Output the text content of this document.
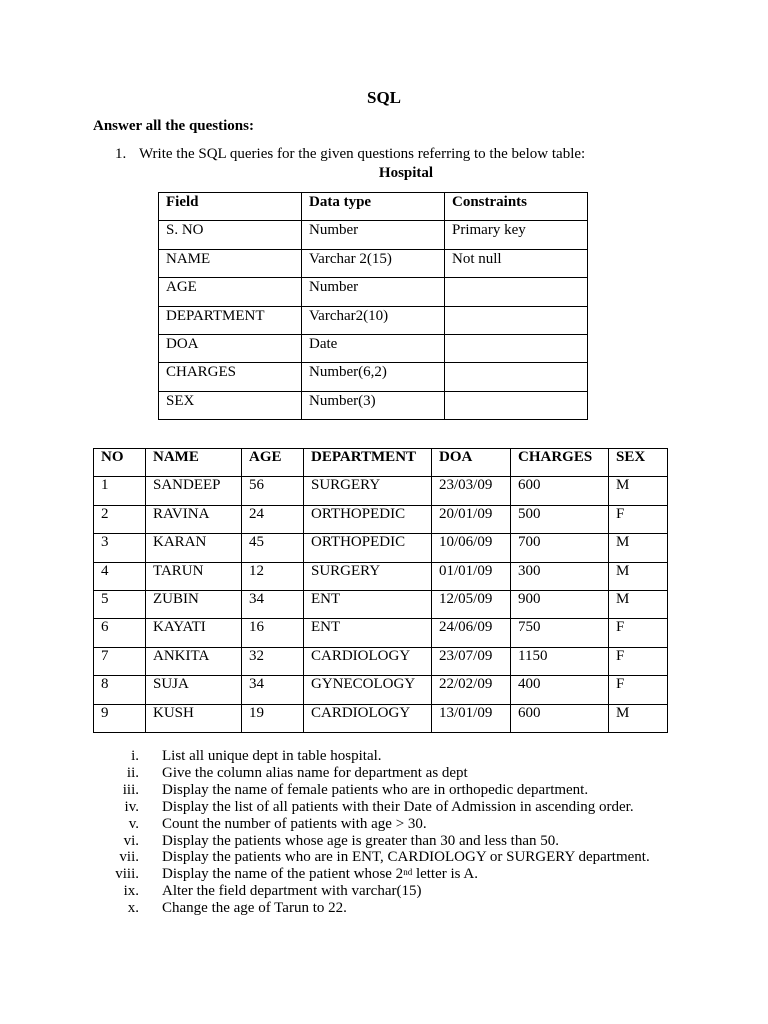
SQL
Answer all the questions:
1. Write the SQL queries for the given questions referring to the below table:
Hospital
Field	Data type	Constraints
S. NO	Number	Primary key
NAME	Varchar 2(15)	Not null
AGE	Number	
DEPARTMENT	Varchar2(10)	
DOA	Date	
CHARGES	Number(6,2)	
SEX	Number(3)	
NO	NAME	AGE	DEPARTMENT	DOA	CHARGES	SEX
1	SANDEEP	56	SURGERY	23/03/09	600	M
2	RAVINA	24	ORTHOPEDIC	20/01/09	500	F
3	KARAN	45	ORTHOPEDIC	10/06/09	700	M
4	TARUN	12	SURGERY	01/01/09	300	M
5	ZUBIN	34	ENT	12/05/09	900	M
6	KAYATI	16	ENT	24/06/09	750	F
7	ANKITA	32	CARDIOLOGY	23/07/09	1150	F
8	SUJA	34	GYNECOLOGY	22/02/09	400	F
9	KUSH	19	CARDIOLOGY	13/01/09	600	M
i.	List all unique dept in table hospital.
ii.	Give the column alias name for department as dept
iii.	Display the name of female patients who are in orthopedic department.
iv.	Display the list of all patients with their Date of Admission in ascending order.
v.	Count the number of patients with age > 30.
vi.	Display the patients whose age is greater than 30 and less than 50.
vii.	Display the patients who are in ENT, CARDIOLOGY or SURGERY department.
viii.	Display the name of the patient whose 2nd letter is A.
ix.	Alter the field department with varchar(15)
x.	Change the age of Tarun to 22.
